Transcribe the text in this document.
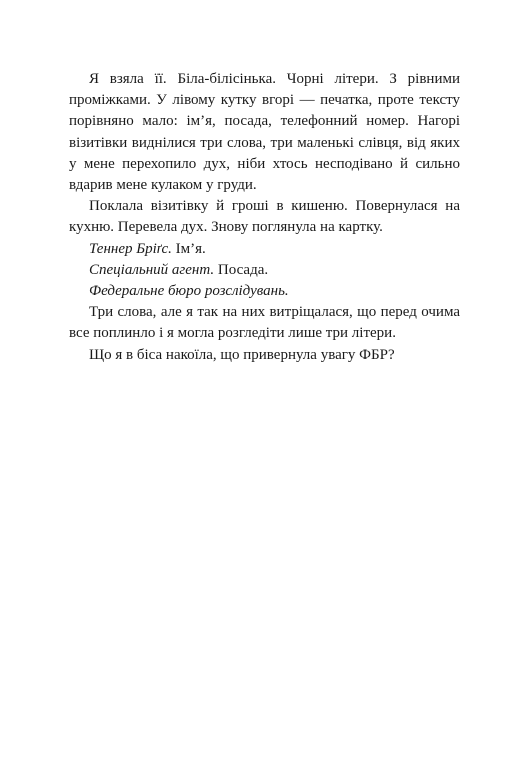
Я взяла її. Біла-білісінька. Чорні літери. З рівними проміжками. У лівому кутку вгорі — печатка, проте тексту порівняно мало: ім’я, посада, телефонний номер. Нагорі візитівки виднілися три слова, три маленькі слівця, від яких у мене перехопило дух, ніби хтось несподівано й сильно вдарив мене кулаком у груди.

Поклала візитівку й гроші в кишеню. Повернулася на кухню. Перевела дух. Знову поглянула на картку.

Теннер Бріґс. Ім’я.

Спеціальний агент. Посада.

Федеральне бюро розслідувань.

Три слова, але я так на них витріщалася, що перед очима все поплинло і я могла розгледіти лише три літери.

Що я в біса накоїла, що привернула увагу ФБР?
